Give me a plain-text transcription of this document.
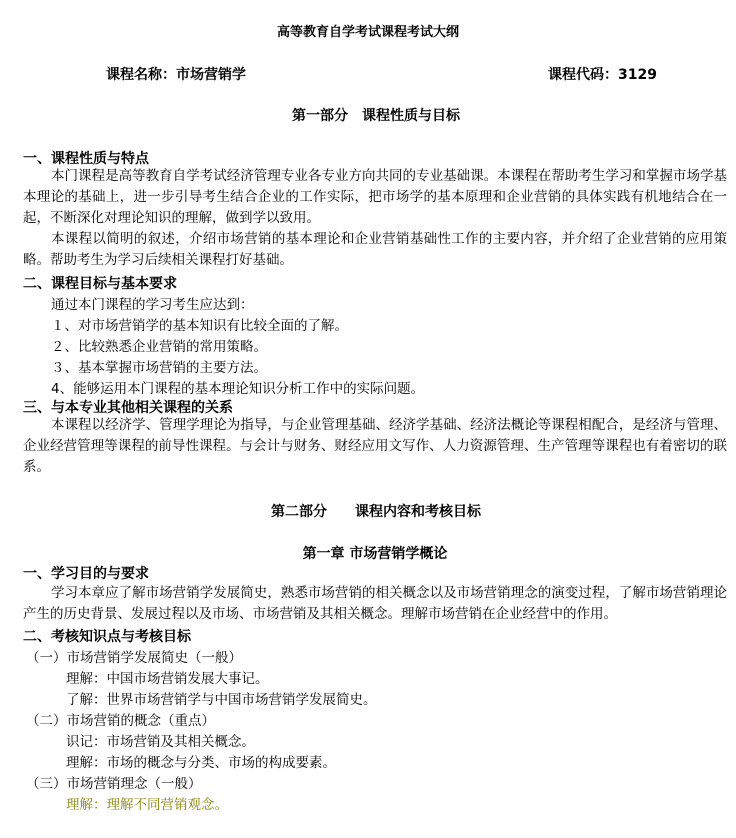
高等教育自学考试课程考试大纲
课程名称：市场营销学	课程代码：3129
第一部分　课程性质与目标
一、课程性质与特点

本门课程是高等教育自学考试经济管理专业各专业方向共同的专业基础课。本课程在帮助考生学习和掌握市场学基本理论的基础上，进一步引导考生结合企业的工作实际，把市场学的基本原理和企业营销的具体实践有机地结合在一起，不断深化对理论知识的理解，做到学以致用。

本课程以简明的叙述，介绍市场营销的基本理论和企业营销基础性工作的主要内容，并介绍了企业营销的应用策略。帮助考生为学习后续相关课程打好基础。

二、课程目标与基本要求
通过本门课程的学习考生应达到：
１、对市场营销学的基本知识有比较全面的了解。
２、比较熟悉企业营销的常用策略。
３、基本掌握市场营销的主要方法。
4、能够运用本门课程的基本理论知识分析工作中的实际问题。
三、与本专业其他相关课程的关系

本课程以经济学、管理学理论为指导，与企业管理基础、经济学基础、经济法概论等课程相配合，是经济与管理、企业经营管理等课程的前导性课程。与会计与财务、财经应用文写作、人力资源管理、生产管理等课程也有着密切的联系。

第二部分　　课程内容和考核目标
第一章 市场营销学概论
一、学习目的与要求

学习本章应了解市场营销学发展简史，熟悉市场营销的相关概念以及市场营销理念的演变过程，了解市场营销理论产生的历史背景、发展过程以及市场、市场营销及其相关概念。理解市场营销在企业经营中的作用。

二、考核知识点与考核目标
（一）市场营销学发展简史（一般）
理解：中国市场营销发展大事记。
了解：世界市场营销学与中国市场营销学发展简史。
（二）市场营销的概念（重点）
识记：市场营销及其相关概念。
理解：市场的概念与分类、市场的构成要素。
（三）市场营销理念（一般）
理解：理解不同营销观念。
